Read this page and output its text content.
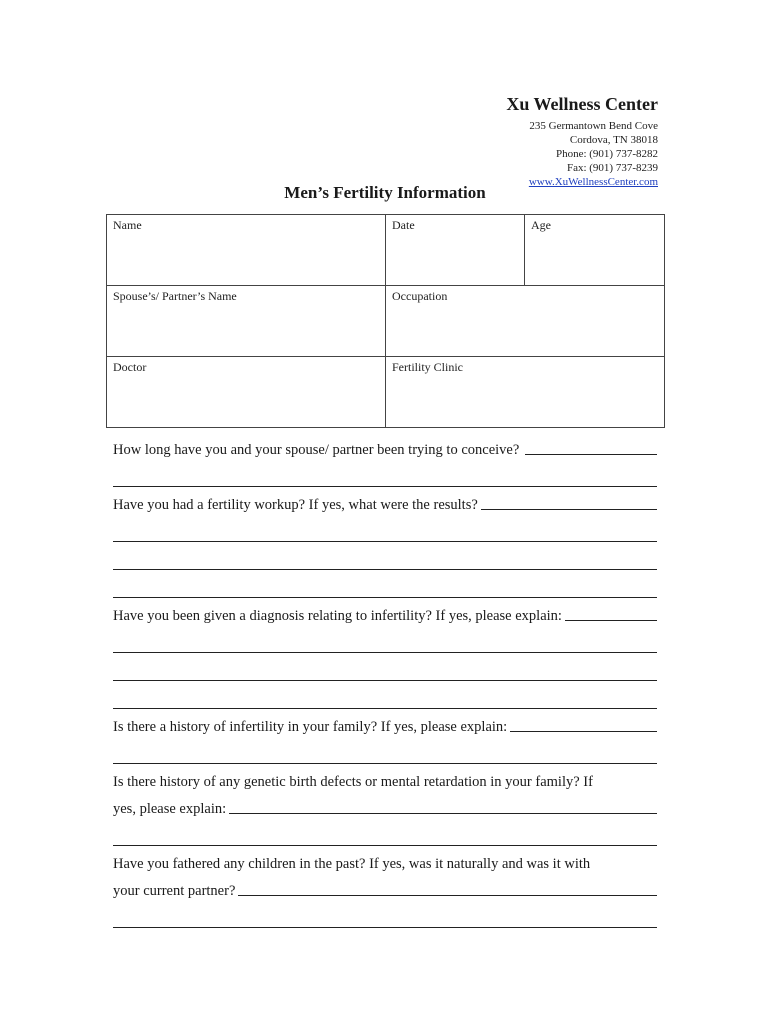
Xu Wellness Center
235 Germantown Bend Cove
Cordova, TN 38018
Phone: (901) 737-8282
Fax: (901) 737-8239
www.XuWellnessCenter.com
Men’s Fertility Information
Name	Date	Age
Spouse’s/ Partner’s Name	Occupation	
Doctor	Fertility Clinic	
How long have you and your spouse/ partner been trying to conceive?
Have you had a fertility workup? If yes, what were the results?
Have you been given a diagnosis relating to infertility? If yes, please explain:
Is there a history of infertility in your family? If yes, please explain:
Is there history of any genetic birth defects or mental retardation in your family? If
yes, please explain:
Have you fathered any children in the past? If yes, was it naturally and was it with
your current partner?
